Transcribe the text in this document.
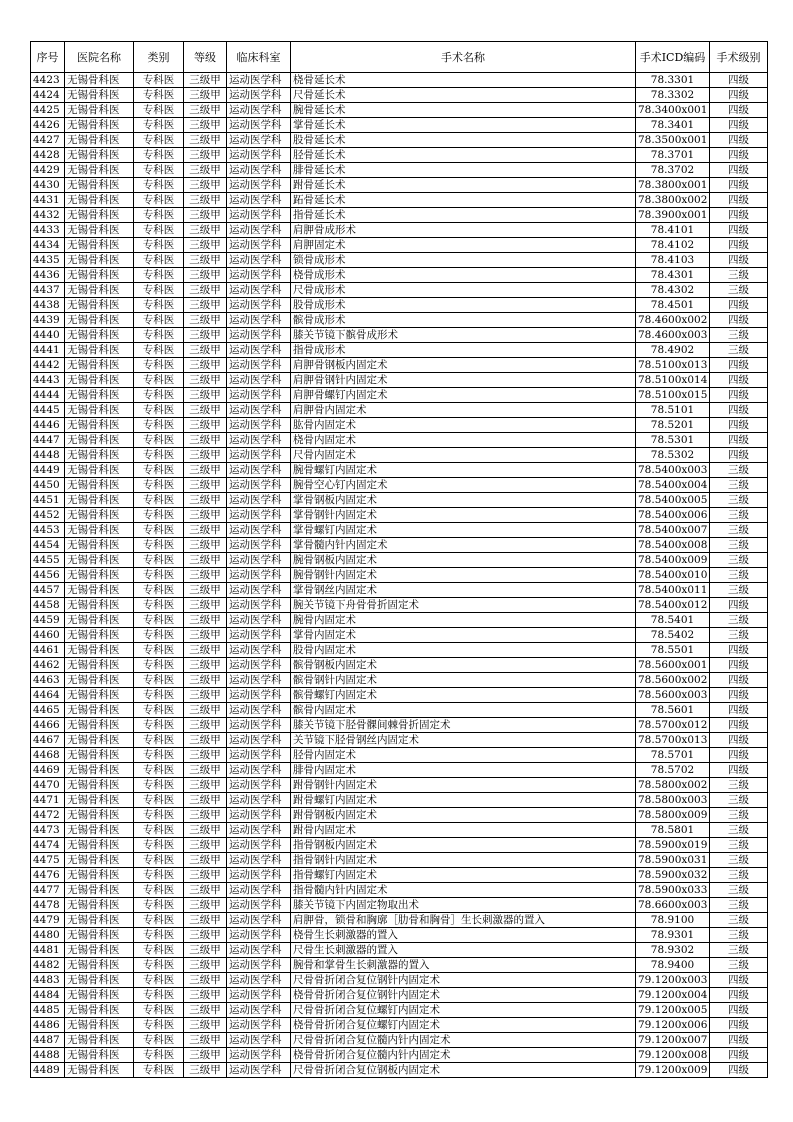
序号	医院名称	类别	等级	临床科室	手术名称	手术ICD编码	手术级别
4423	无锡骨科医	专科医	三级甲	运动医学科	桡骨延长术	78.3301	四级
4424	无锡骨科医	专科医	三级甲	运动医学科	尺骨延长术	78.3302	四级
4425	无锡骨科医	专科医	三级甲	运动医学科	腕骨延长术	78.3400x001	四级
4426	无锡骨科医	专科医	三级甲	运动医学科	掌骨延长术	78.3401	四级
4427	无锡骨科医	专科医	三级甲	运动医学科	股骨延长术	78.3500x001	四级
4428	无锡骨科医	专科医	三级甲	运动医学科	胫骨延长术	78.3701	四级
4429	无锡骨科医	专科医	三级甲	运动医学科	腓骨延长术	78.3702	四级
4430	无锡骨科医	专科医	三级甲	运动医学科	跗骨延长术	78.3800x001	四级
4431	无锡骨科医	专科医	三级甲	运动医学科	跖骨延长术	78.3800x002	四级
4432	无锡骨科医	专科医	三级甲	运动医学科	指骨延长术	78.3900x001	四级
4433	无锡骨科医	专科医	三级甲	运动医学科	肩胛骨成形术	78.4101	四级
4434	无锡骨科医	专科医	三级甲	运动医学科	肩胛固定术	78.4102	四级
4435	无锡骨科医	专科医	三级甲	运动医学科	锁骨成形术	78.4103	四级
4436	无锡骨科医	专科医	三级甲	运动医学科	桡骨成形术	78.4301	三级
4437	无锡骨科医	专科医	三级甲	运动医学科	尺骨成形术	78.4302	三级
4438	无锡骨科医	专科医	三级甲	运动医学科	股骨成形术	78.4501	四级
4439	无锡骨科医	专科医	三级甲	运动医学科	髌骨成形术	78.4600x002	四级
4440	无锡骨科医	专科医	三级甲	运动医学科	膝关节镜下髌骨成形术	78.4600x003	三级
4441	无锡骨科医	专科医	三级甲	运动医学科	指骨成形术	78.4902	三级
4442	无锡骨科医	专科医	三级甲	运动医学科	肩胛骨钢板内固定术	78.5100x013	四级
4443	无锡骨科医	专科医	三级甲	运动医学科	肩胛骨钢针内固定术	78.5100x014	四级
4444	无锡骨科医	专科医	三级甲	运动医学科	肩胛骨螺钉内固定术	78.5100x015	四级
4445	无锡骨科医	专科医	三级甲	运动医学科	肩胛骨内固定术	78.5101	四级
4446	无锡骨科医	专科医	三级甲	运动医学科	肱骨内固定术	78.5201	四级
4447	无锡骨科医	专科医	三级甲	运动医学科	桡骨内固定术	78.5301	四级
4448	无锡骨科医	专科医	三级甲	运动医学科	尺骨内固定术	78.5302	四级
4449	无锡骨科医	专科医	三级甲	运动医学科	腕骨螺钉内固定术	78.5400x003	三级
4450	无锡骨科医	专科医	三级甲	运动医学科	腕骨空心钉内固定术	78.5400x004	三级
4451	无锡骨科医	专科医	三级甲	运动医学科	掌骨钢板内固定术	78.5400x005	三级
4452	无锡骨科医	专科医	三级甲	运动医学科	掌骨钢针内固定术	78.5400x006	三级
4453	无锡骨科医	专科医	三级甲	运动医学科	掌骨螺钉内固定术	78.5400x007	三级
4454	无锡骨科医	专科医	三级甲	运动医学科	掌骨髓内针内固定术	78.5400x008	三级
4455	无锡骨科医	专科医	三级甲	运动医学科	腕骨钢板内固定术	78.5400x009	三级
4456	无锡骨科医	专科医	三级甲	运动医学科	腕骨钢针内固定术	78.5400x010	三级
4457	无锡骨科医	专科医	三级甲	运动医学科	掌骨钢丝内固定术	78.5400x011	三级
4458	无锡骨科医	专科医	三级甲	运动医学科	腕关节镜下舟骨骨折固定术	78.5400x012	四级
4459	无锡骨科医	专科医	三级甲	运动医学科	腕骨内固定术	78.5401	三级
4460	无锡骨科医	专科医	三级甲	运动医学科	掌骨内固定术	78.5402	三级
4461	无锡骨科医	专科医	三级甲	运动医学科	股骨内固定术	78.5501	四级
4462	无锡骨科医	专科医	三级甲	运动医学科	髌骨钢板内固定术	78.5600x001	四级
4463	无锡骨科医	专科医	三级甲	运动医学科	髌骨钢针内固定术	78.5600x002	四级
4464	无锡骨科医	专科医	三级甲	运动医学科	髌骨螺钉内固定术	78.5600x003	四级
4465	无锡骨科医	专科医	三级甲	运动医学科	髌骨内固定术	78.5601	四级
4466	无锡骨科医	专科医	三级甲	运动医学科	膝关节镜下胫骨髁间棘骨折固定术	78.5700x012	四级
4467	无锡骨科医	专科医	三级甲	运动医学科	关节镜下胫骨钢丝内固定术	78.5700x013	四级
4468	无锡骨科医	专科医	三级甲	运动医学科	胫骨内固定术	78.5701	四级
4469	无锡骨科医	专科医	三级甲	运动医学科	腓骨内固定术	78.5702	四级
4470	无锡骨科医	专科医	三级甲	运动医学科	跗骨钢针内固定术	78.5800x002	三级
4471	无锡骨科医	专科医	三级甲	运动医学科	跗骨螺钉内固定术	78.5800x003	三级
4472	无锡骨科医	专科医	三级甲	运动医学科	跗骨钢板内固定术	78.5800x009	三级
4473	无锡骨科医	专科医	三级甲	运动医学科	跗骨内固定术	78.5801	三级
4474	无锡骨科医	专科医	三级甲	运动医学科	指骨钢板内固定术	78.5900x019	三级
4475	无锡骨科医	专科医	三级甲	运动医学科	指骨钢针内固定术	78.5900x031	三级
4476	无锡骨科医	专科医	三级甲	运动医学科	指骨螺钉内固定术	78.5900x032	三级
4477	无锡骨科医	专科医	三级甲	运动医学科	指骨髓内针内固定术	78.5900x033	三级
4478	无锡骨科医	专科医	三级甲	运动医学科	膝关节镜下内固定物取出术	78.6600x003	三级
4479	无锡骨科医	专科医	三级甲	运动医学科	肩胛骨，锁骨和胸廓［肋骨和胸骨］生长刺激器的置入	78.9100	三级
4480	无锡骨科医	专科医	三级甲	运动医学科	桡骨生长刺激器的置入	78.9301	三级
4481	无锡骨科医	专科医	三级甲	运动医学科	尺骨生长刺激器的置入	78.9302	三级
4482	无锡骨科医	专科医	三级甲	运动医学科	腕骨和掌骨生长刺激器的置入	78.9400	三级
4483	无锡骨科医	专科医	三级甲	运动医学科	尺骨骨折闭合复位钢针内固定术	79.1200x003	四级
4484	无锡骨科医	专科医	三级甲	运动医学科	桡骨骨折闭合复位钢针内固定术	79.1200x004	四级
4485	无锡骨科医	专科医	三级甲	运动医学科	尺骨骨折闭合复位螺钉内固定术	79.1200x005	四级
4486	无锡骨科医	专科医	三级甲	运动医学科	桡骨骨折闭合复位螺钉内固定术	79.1200x006	四级
4487	无锡骨科医	专科医	三级甲	运动医学科	尺骨骨折闭合复位髓内针内固定术	79.1200x007	四级
4488	无锡骨科医	专科医	三级甲	运动医学科	桡骨骨折闭合复位髓内针内固定术	79.1200x008	四级
4489	无锡骨科医	专科医	三级甲	运动医学科	尺骨骨折闭合复位钢板内固定术	79.1200x009	四级
